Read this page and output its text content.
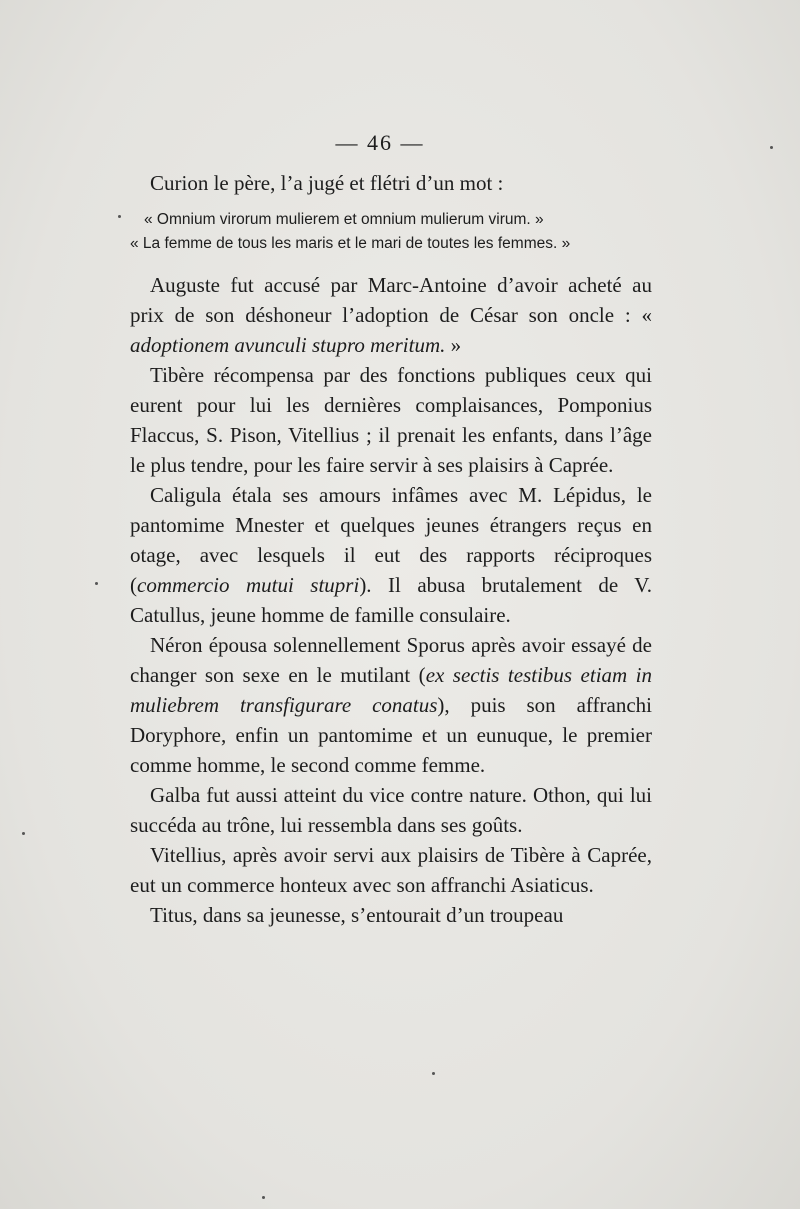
— 46 —

Curion le père, l’a jugé et flétri d’un mot :

« Omnium virorum mulierem et omnium mulierum virum. »

« La femme de tous les maris et le mari de toutes les femmes. »

Auguste fut accusé par Marc-Antoine d’avoir acheté au prix de son déshoneur l’adoption de César son oncle : « adoptionem avunculi stupro meritum. »

Tibère récompensa par des fonctions publiques ceux qui eurent pour lui les dernières complaisances, Pomponius Flaccus, S. Pison, Vitellius ; il prenait les enfants, dans l’âge le plus tendre, pour les faire servir à ses plaisirs à Caprée.

Caligula étala ses amours infâmes avec M. Lépidus, le pantomime Mnester et quelques jeunes étrangers reçus en otage, avec lesquels il eut des rapports réciproques (commercio mutui stupri). Il abusa brutalement de V. Catullus, jeune homme de famille consulaire.

Néron épousa solennellement Sporus après avoir essayé de changer son sexe en le mutilant (ex sectis testibus etiam in muliebrem transfigurare conatus), puis son affranchi Doryphore, enfin un pantomime et un eunuque, le premier comme homme, le second comme femme.

Galba fut aussi atteint du vice contre nature. Othon, qui lui succéda au trône, lui ressembla dans ses goûts.

Vitellius, après avoir servi aux plaisirs de Tibère à Caprée, eut un commerce honteux avec son affranchi Asiaticus.

Titus, dans sa jeunesse, s’entourait d’un troupeau
